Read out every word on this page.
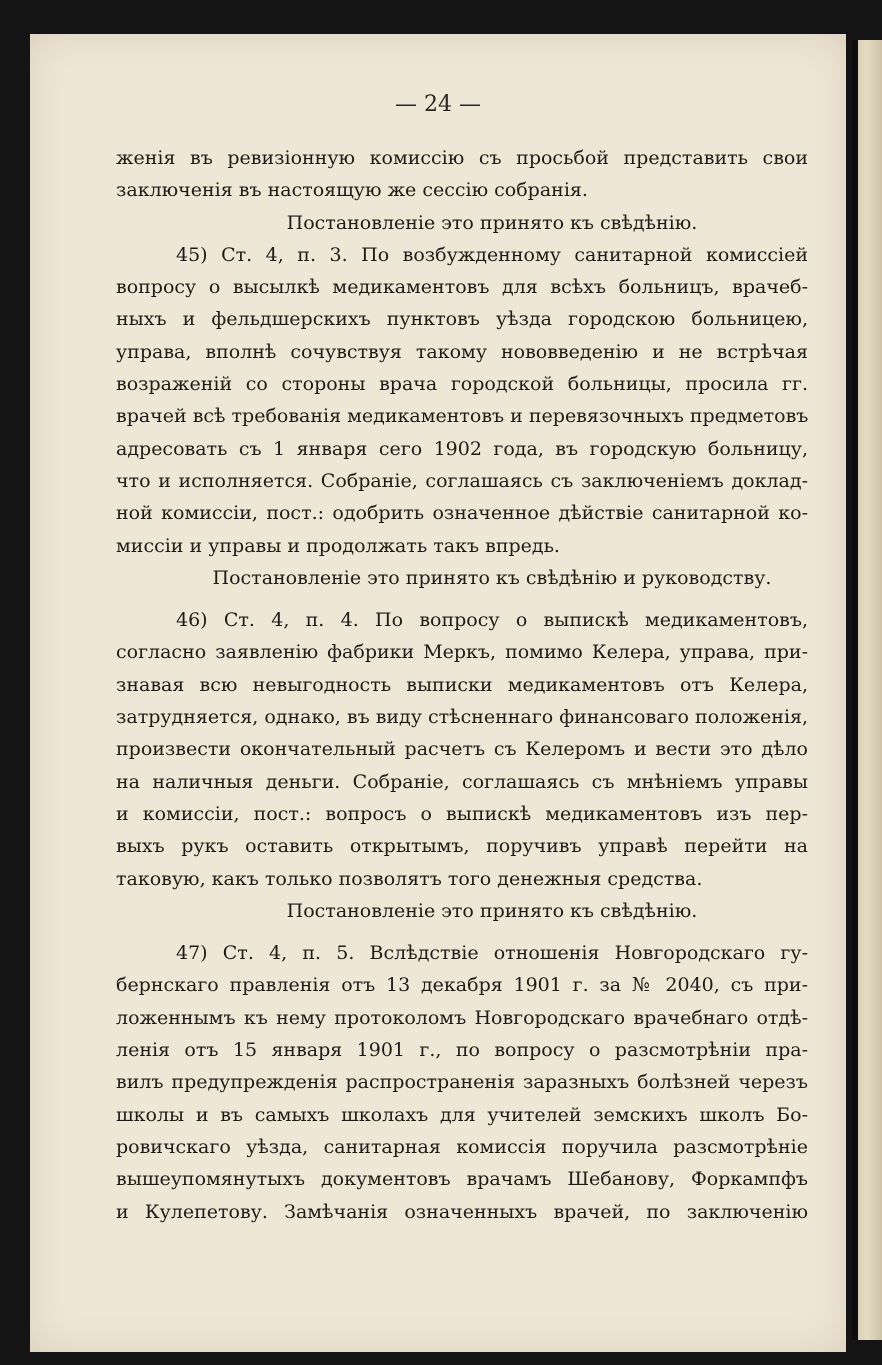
— 24 —
женія въ ревизіонную комиссію съ просьбой представить свои
заключенія въ настоящую же сессію собранія.
Постановленіе это принято къ свѣдѣнію.
45) Ст. 4, п. 3. По возбужденному санитарной комиссіей
вопросу о высылкѣ медикаментовъ для всѣхъ больницъ, врачеб-
ныхъ и фельдшерскихъ пунктовъ уѣзда городскою больницею,
управа, вполнѣ сочувствуя такому нововведенію и не встрѣчая
возраженій со стороны врача городской больницы, просила гг.
врачей всѣ требованія медикаментовъ и перевязочныхъ предметовъ
адресовать съ 1 января сего 1902 года, въ городскую больницу,
что и исполняется. Собраніе, соглашаясь съ заключеніемъ доклад-
ной комиссіи, пост.: одобрить означенное дѣйствіе санитарной ко-
миссіи и управы и продолжать такъ впредь.
Постановленіе это принято къ свѣдѣнію и руководству.
46) Ст. 4, п. 4. По вопросу о выпискѣ медикаментовъ,
согласно заявленію фабрики Меркъ, помимо Келера, управа, при-
знавая всю невыгодность выписки медикаментовъ отъ Келера,
затрудняется, однако, въ виду стѣсненнаго финансоваго положенія,
произвести окончательный расчетъ съ Келеромъ и вести это дѣло
на наличныя деньги. Собраніе, соглашаясь съ мнѣніемъ управы
и комиссіи, пост.: вопросъ о выпискѣ медикаментовъ изъ пер-
выхъ рукъ оставить открытымъ, поручивъ управѣ перейти на
таковую, какъ только позволятъ того денежныя средства.
Постановленіе это принято къ свѣдѣнію.
47) Ст. 4, п. 5. Вслѣдствіе отношенія Новгородскаго гу-
бернскаго правленія отъ 13 декабря 1901 г. за № 2040, съ при-
ложеннымъ къ нему протоколомъ Новгородскаго врачебнаго отдѣ-
ленія отъ 15 января 1901 г., по вопросу о разсмотрѣніи пра-
вилъ предупрежденія распространенія заразныхъ болѣзней черезъ
школы и въ самыхъ школахъ для учителей земскихъ школъ Бо-
ровичскаго уѣзда, санитарная комиссія поручила разсмотрѣніе
вышеупомянутыхъ документовъ врачамъ Шебанову, Форкампфъ
и Кулепетову. Замѣчанія означенныхъ врачей, по заключенію
